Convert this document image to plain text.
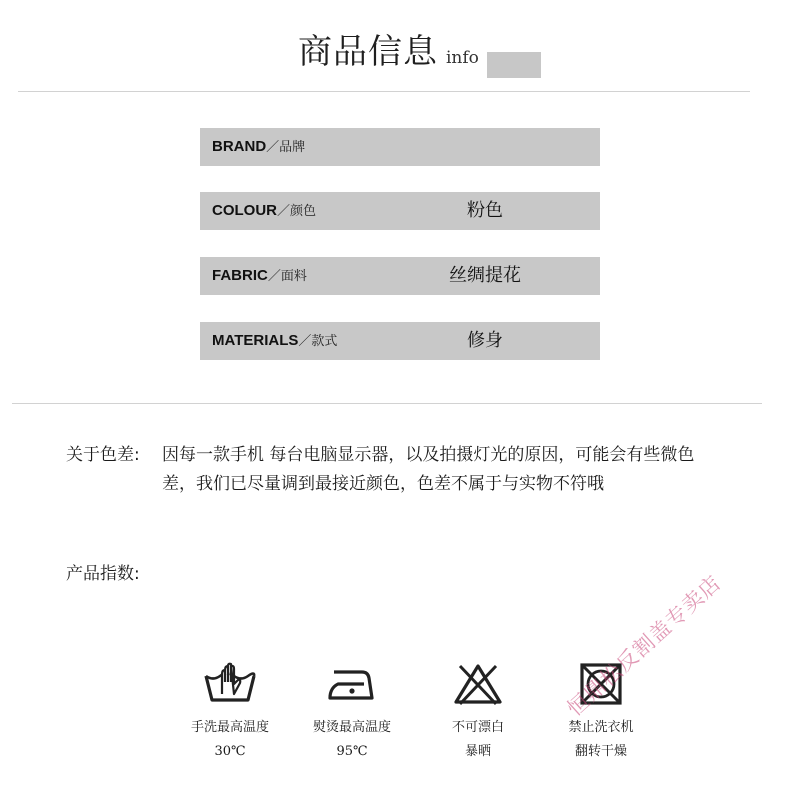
商品信息 info
BRAND／品牌
COLOUR／颜色	粉色
FABRIC／面料	丝绸提花
MATERIALS／款式	修身
关于色差: 因每一款手机 每台电脑显示器，以及拍摄灯光的原因，可能会有些微色差，我们已尽量调到最接近颜色，色差不属于与实物不符哦
产品指数:
手洗最高温度
30℃
熨烫最高温度
95℃
不可漂白
暴晒
禁止洗衣机
翻转干燥
恒鼎松反割盖专卖店
